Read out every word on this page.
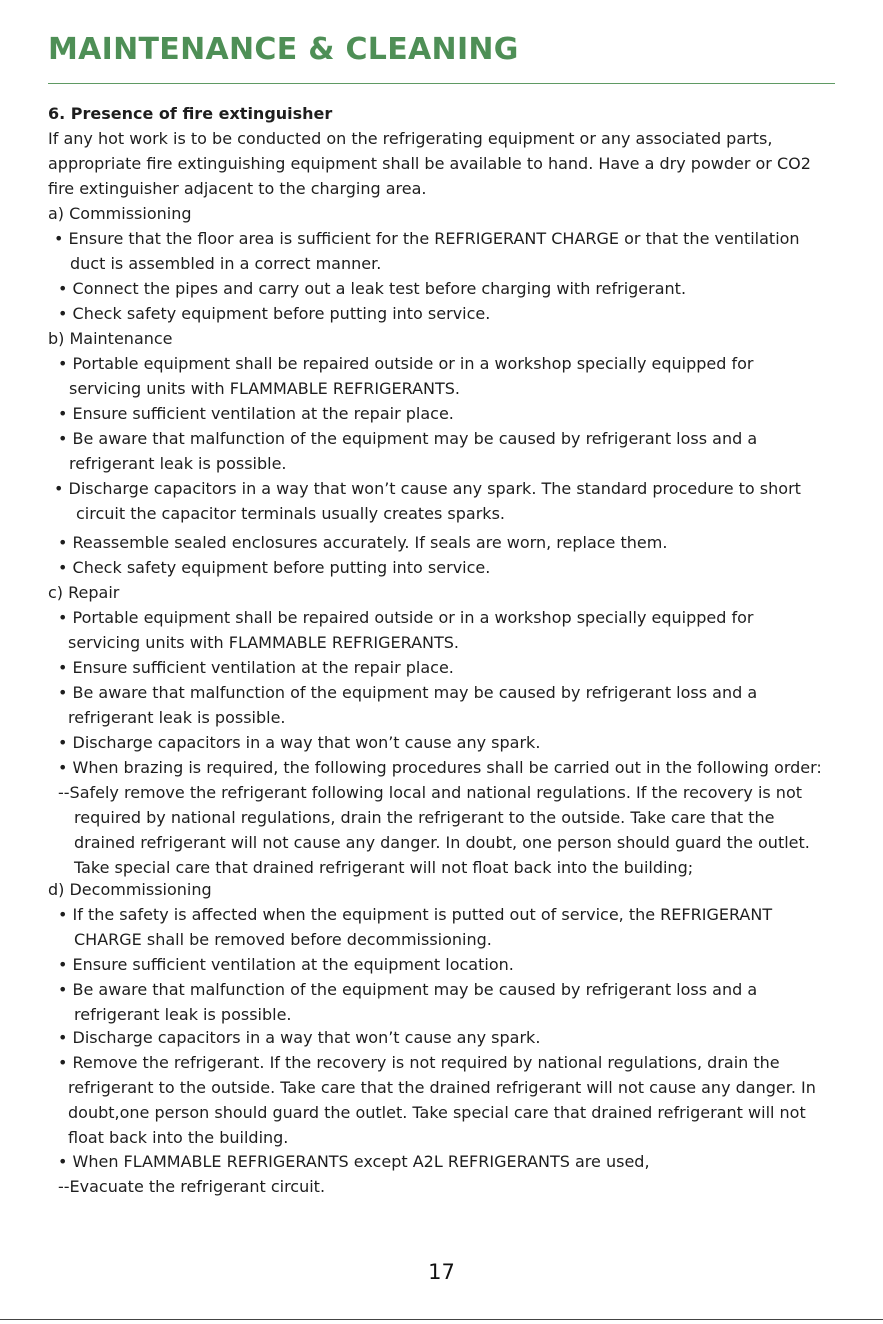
MAINTENANCE & CLEANING
6. Presence of fire extinguisher
If any hot work is to be conducted on the refrigerating equipment or any associated parts,
appropriate fire extinguishing equipment shall be available to hand. Have a dry powder or CO2
fire extinguisher adjacent to the charging area.
a) Commissioning
• Ensure that the floor area is sufficient for the REFRIGERANT CHARGE or that the ventilation
duct is assembled in a correct manner.
• Connect the pipes and carry out a leak test before charging with refrigerant.
• Check safety equipment before putting into service.
b) Maintenance
• Portable equipment shall be repaired outside or in a workshop specially equipped for
servicing units with FLAMMABLE REFRIGERANTS.
• Ensure sufficient ventilation at the repair place.
• Be aware that malfunction of the equipment may be caused by refrigerant loss and a
refrigerant leak is possible.
• Discharge capacitors in a way that won’t cause any spark. The standard procedure to short
circuit the capacitor terminals usually creates sparks.
• Reassemble sealed enclosures accurately. If seals are worn, replace them.
• Check safety equipment before putting into service.
c) Repair
• Portable equipment shall be repaired outside or in a workshop specially equipped for
servicing units with FLAMMABLE REFRIGERANTS.
• Ensure sufficient ventilation at the repair place.
• Be aware that malfunction of the equipment may be caused by refrigerant loss and a
refrigerant leak is possible.
• Discharge capacitors in a way that won’t cause any spark.
• When brazing is required, the following procedures shall be carried out in the following order:
--Safely remove the refrigerant following local and national regulations. If the recovery is not
required by national regulations, drain the refrigerant to the outside. Take care that the
drained refrigerant will not cause any danger. In doubt, one person should guard the outlet.
Take special care that drained refrigerant will not float back into the building;
d) Decommissioning
• If the safety is affected when the equipment is putted out of service, the REFRIGERANT
CHARGE shall be removed before decommissioning.
• Ensure sufficient ventilation at the equipment location.
• Be aware that malfunction of the equipment may be caused by refrigerant loss and a
refrigerant leak is possible.
• Discharge capacitors in a way that won’t cause any spark.
• Remove the refrigerant. If the recovery is not required by national regulations, drain the
refrigerant to the outside. Take care that the drained refrigerant will not cause any danger. In
doubt,one person should guard the outlet. Take special care that drained refrigerant will not
float back into the building.
• When FLAMMABLE REFRIGERANTS except A2L REFRIGERANTS are used,
--Evacuate the refrigerant circuit.
17
